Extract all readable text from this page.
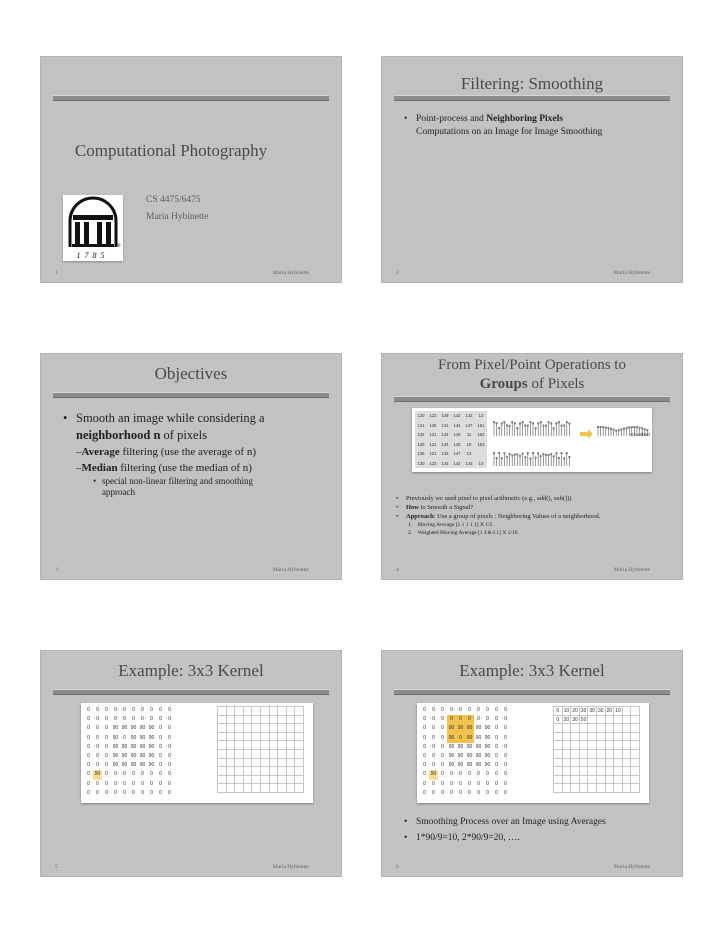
Computational Photography
CS 4475/6475
Maria Hybinette
1 7 8 5
®
1	Maria Hybinette
Filtering: Smoothing
• Point-process and Neighboring Pixels
Computations on an Image for Image Smoothing
2	Maria Hybinette
Objectives
• Smooth an image while considering a
neighborhood n of pixels
–Average filtering (use the average of n)
–Median filtering (use the median of n)
• special non-linear filtering and smoothing
approach
3	Maria Hybinette
From Pixel/Point Operations to
Groups of Pixels
120	122	149	142	142	13
121	135	141	144	147	151
122	121	144	146	11	152
125	121	144	145	10	153
126	121	143	147	13
130	122	143	142	143	13
smoothed
• Previously we used pixel to pixel arithmetic (e.g., add(), sub()))
• How to Smooth a Signal?
• Approach: Use a group of pixels : Neighboring Values of a neighborhood.
1. Moving Average [1 1 1 1 1] X 1/5
2. Weighted Moving Average [1 4 6 4 1] X 1/16
4	Maria Hybinette
Example: 3x3 Kernel
0	0	0	0	0	0	0	0	0	0
0	0	0	0	0	0	0	0	0	0
0	0	0 90 90 90 90 90 0	0
0	0	0 90 0 90 90 90 0	0
0	0	0 90 90 90 90 90 0	0
0	0	0 90 90 90 90 90 0	0
0	0	0 90 90 90 90 90 0	0
0 90 0	0	0	0	0	0	0	0
0	0	0	0	0	0	0	0	0	0
0	0	0	0	0	0	0	0	0	0
5	Maria Hybinette
Example: 3x3 Kernel
0	0	0	0	0	0	0	0	0	0
0	0	0	0	0	0	0	0	0	0
0	0	0 90 90 90 90 90 0	0
0	0	0 90 0 90 90 90 0	0
0	0	0 90 90 90 90 90 0	0
0	0	0 90 90 90 90 90 0	0
0	0	0 90 90 90 90 90 0	0
0 90 0	0	0	0	0	0	0	0
0	0	0	0	0	0	0	0	0	0
0	0	0	0	0	0	0	0	0	0
0 10 20 30 30 30 20 10
0 20 30 50
• Smoothing Process over an Image using Averages
• 1*90/9=10, 2*90/9=20, ….
6	Maria Hybinette
